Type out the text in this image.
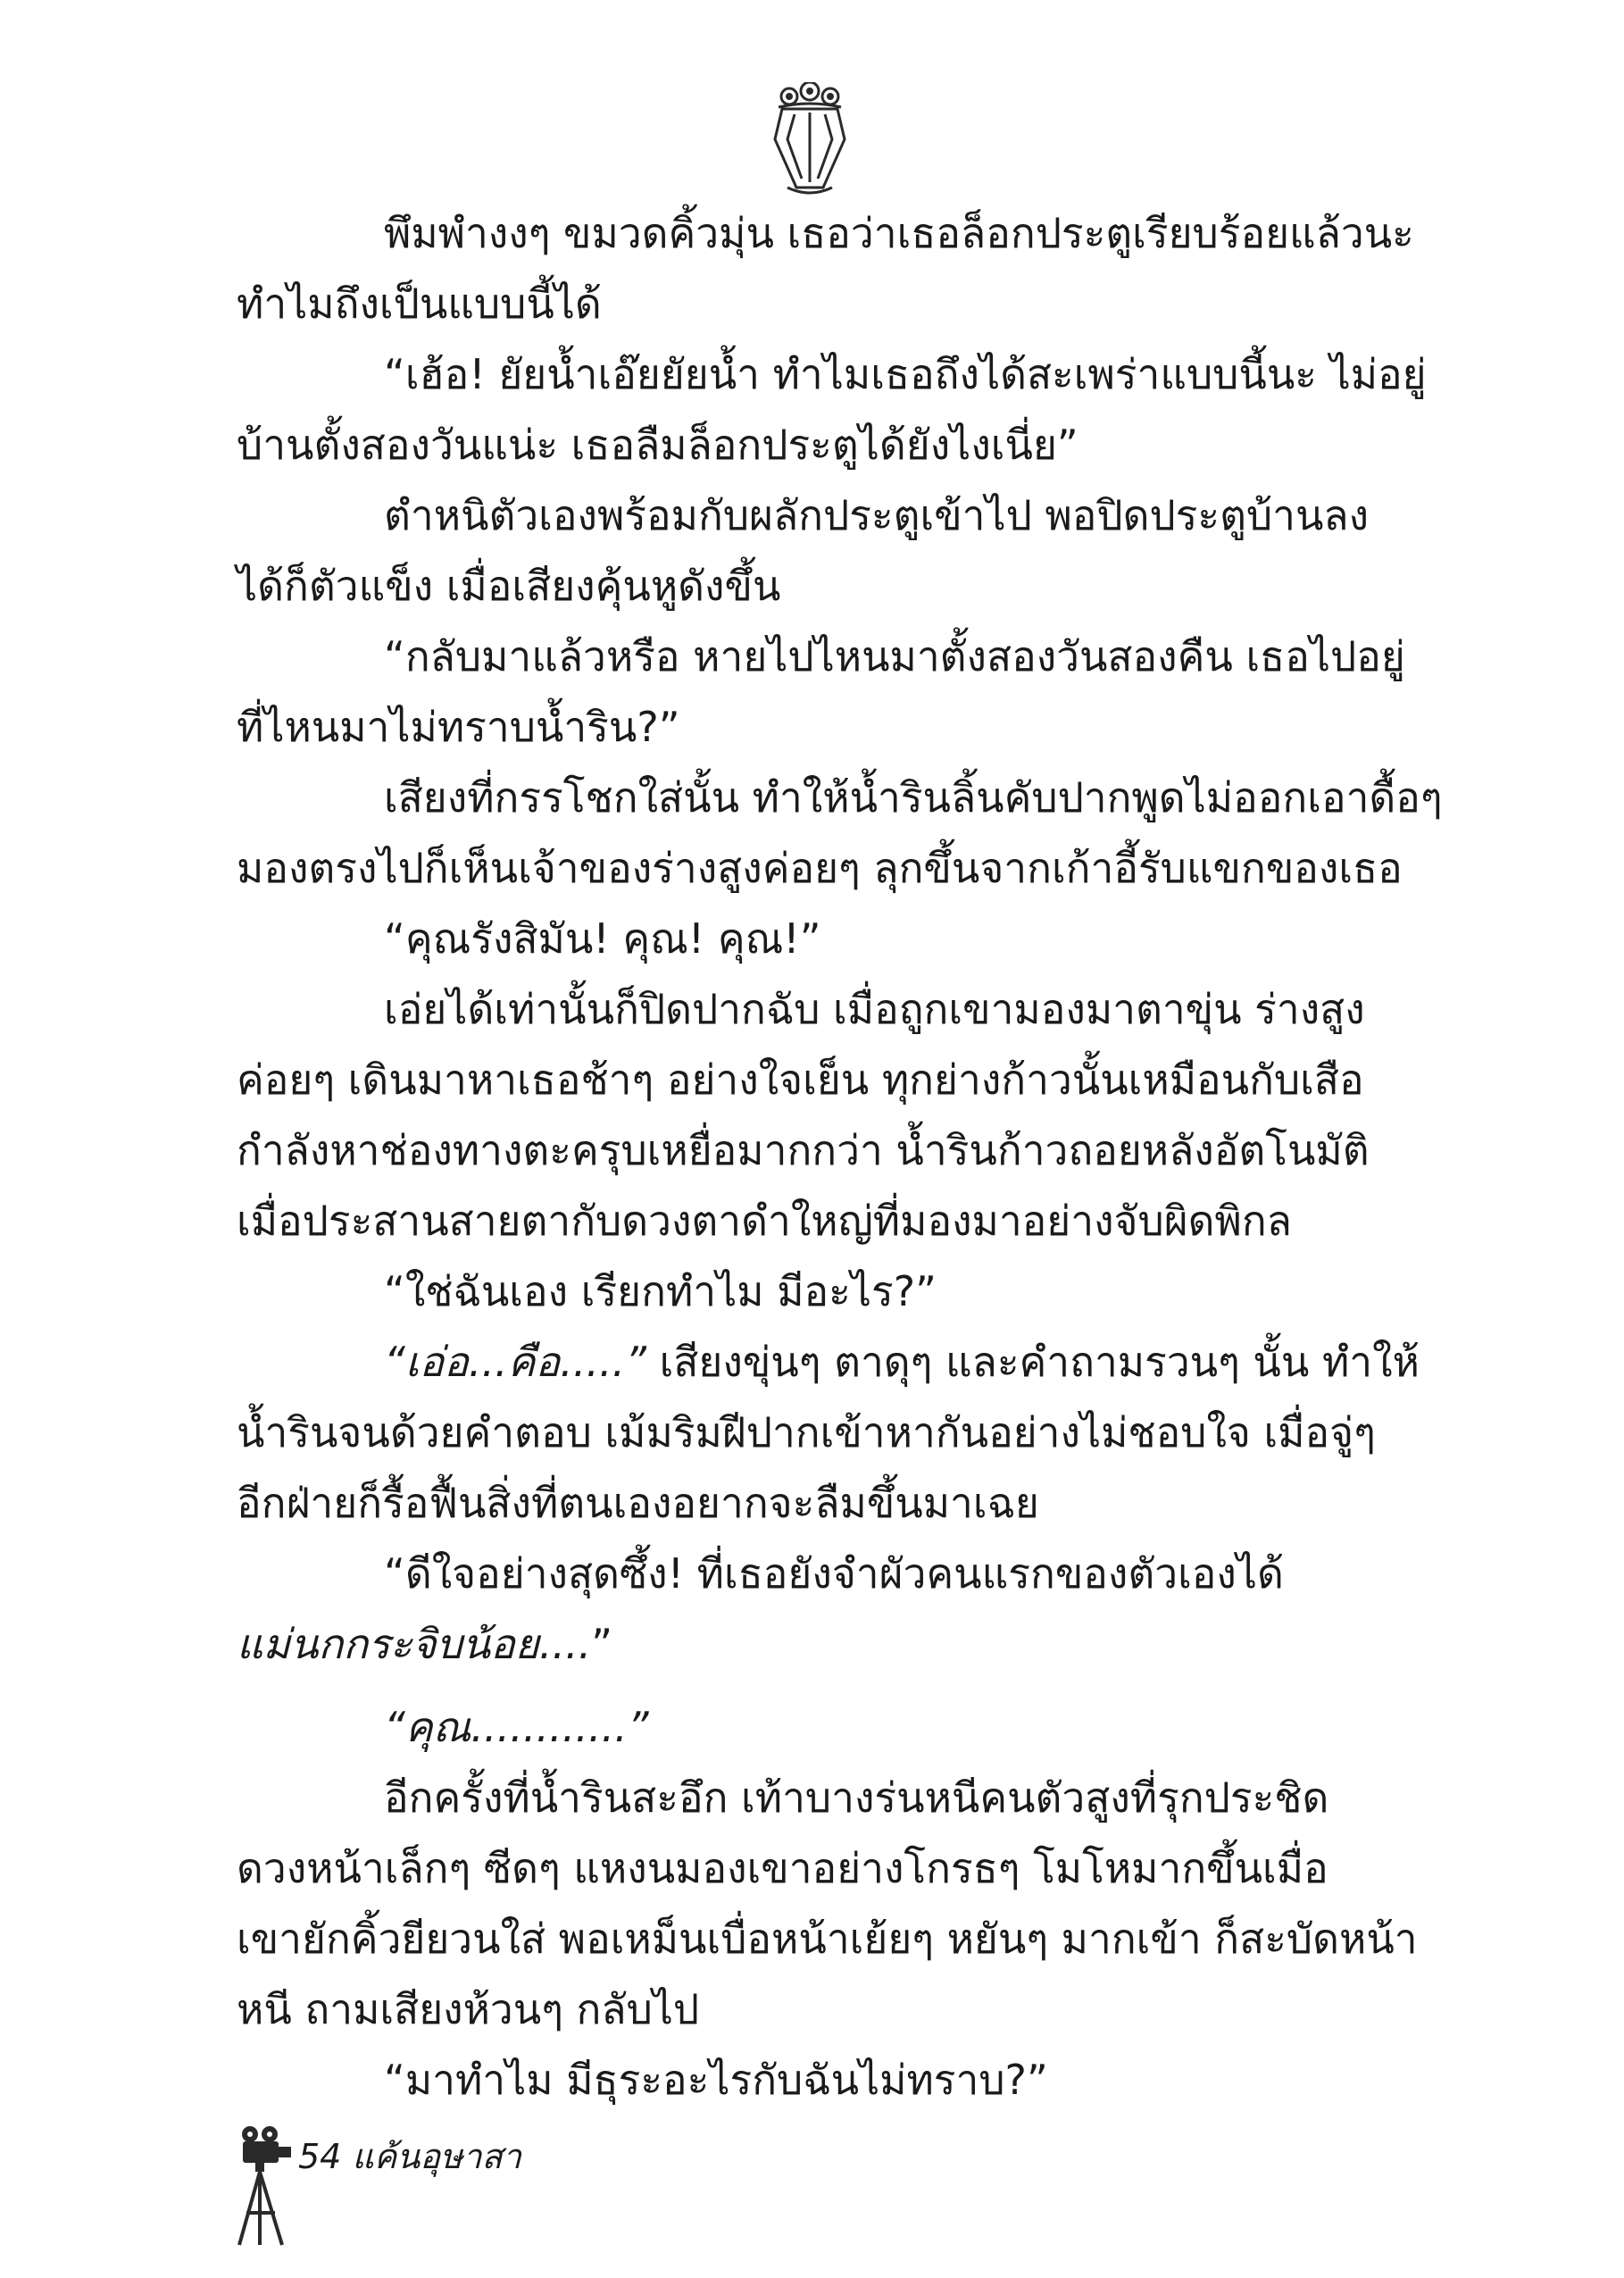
พึมพำงงๆ ขมวดคิ้วมุ่น เธอว่าเธอล็อกประตูเรียบร้อยแล้วนะ
ทำไมถึงเป็นแบบนี้ได้
“เฮ้อ! ยัยน้ำเอ๊ยยัยน้ำ ทำไมเธอถึงได้สะเพร่าแบบนี้นะ ไม่อยู่
บ้านตั้งสองวันแน่ะ เธอลืมล็อกประตูได้ยังไงเนี่ย”
ตำหนิตัวเองพร้อมกับผลักประตูเข้าไป พอปิดประตูบ้านลง
ได้ก็ตัวแข็ง เมื่อเสียงคุ้นหูดังขึ้น
“กลับมาแล้วหรือ หายไปไหนมาตั้งสองวันสองคืน เธอไปอยู่
ที่ไหนมาไม่ทราบน้ำริน?”
เสียงที่กรรโชกใส่นั้น ทำให้น้ำรินลิ้นคับปากพูดไม่ออกเอาดื้อๆ
มองตรงไปก็เห็นเจ้าของร่างสูงค่อยๆ ลุกขึ้นจากเก้าอี้รับแขกของเธอ
“คุณรังสิมัน! คุณ! คุณ!”
เอ่ยได้เท่านั้นก็ปิดปากฉับ เมื่อถูกเขามองมาตาขุ่น ร่างสูง
ค่อยๆ เดินมาหาเธอช้าๆ อย่างใจเย็น ทุกย่างก้าวนั้นเหมือนกับเสือ
กำลังหาช่องทางตะครุบเหยื่อมากกว่า น้ำรินก้าวถอยหลังอัตโนมัติ
เมื่อประสานสายตากับดวงตาดำใหญ่ที่มองมาอย่างจับผิดพิกล
“ใช่ฉันเอง เรียกทำไม มีอะไร?”
“เอ่อ...คือ.....” เสียงขุ่นๆ ตาดุๆ และคำถามรวนๆ นั้น ทำให้
น้ำรินจนด้วยคำตอบ เม้มริมฝีปากเข้าหากันอย่างไม่ชอบใจ เมื่อจู่ๆ
อีกฝ่ายก็รื้อฟื้นสิ่งที่ตนเองอยากจะลืมขึ้นมาเฉย
“ดีใจอย่างสุดซึ้ง! ที่เธอยังจำผัวคนแรกของตัวเองได้
แม่นกกระจิบน้อย....”
“คุณ............”
อีกครั้งที่น้ำรินสะอึก เท้าบางร่นหนีคนตัวสูงที่รุกประชิด
ดวงหน้าเล็กๆ ซีดๆ แหงนมองเขาอย่างโกรธๆ โมโหมากขึ้นเมื่อ
เขายักคิ้วยียวนใส่ พอเหม็นเบื่อหน้าเย้ยๆ หยันๆ มากเข้า ก็สะบัดหน้า
หนี ถามเสียงห้วนๆ กลับไป
“มาทำไม มีธุระอะไรกับฉันไม่ทราบ?”
54 แค้นอุษาสา
